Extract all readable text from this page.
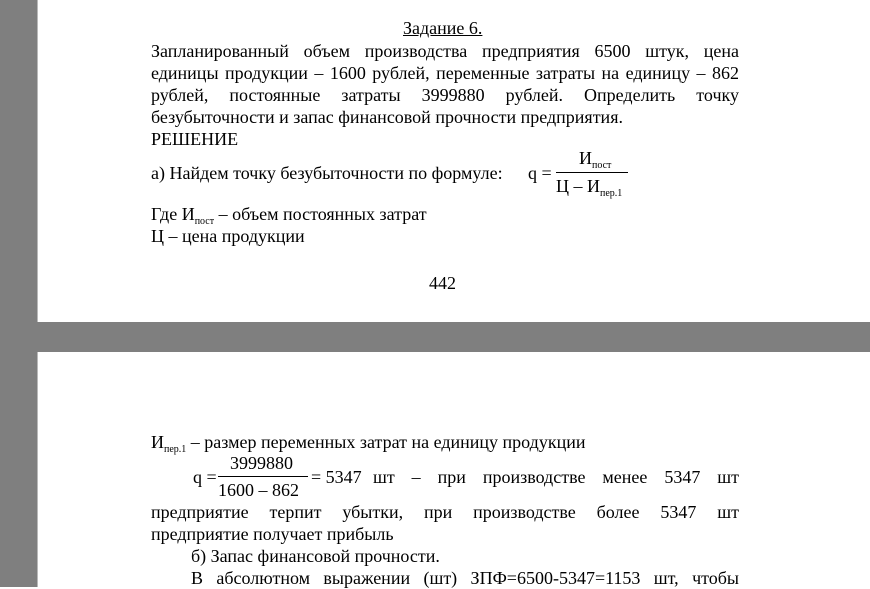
Задание 6.
Запланированный объем производства предприятия 6500 штук, цена
единицы продукции – 1600 рублей, переменные затраты на единицу – 862
рублей, постоянные затраты 3999880 рублей. Определить точку
безубыточности и запас финансовой прочности предприятия.
РЕШЕНИЕ
а) Найдем точку безубыточности по формуле: q =
$И_{пост}$
Ц – $И_{пер.1}$
Где $И_{пост}$ – объем постоянных затрат
Ц – цена продукции
442
$И_{пер.1}$ – размер переменных затрат на единицу продукции
q =
3999880
1600 – 862
= 5347 шт – при производстве менее 5347 шт
предприятие терпит убытки, при производстве более 5347 шт
предприятие получает прибыль
б) Запас финансовой прочности.
В абсолютном выражении (шт) ЗПФ=6500-5347=1153 шт, чтобы
